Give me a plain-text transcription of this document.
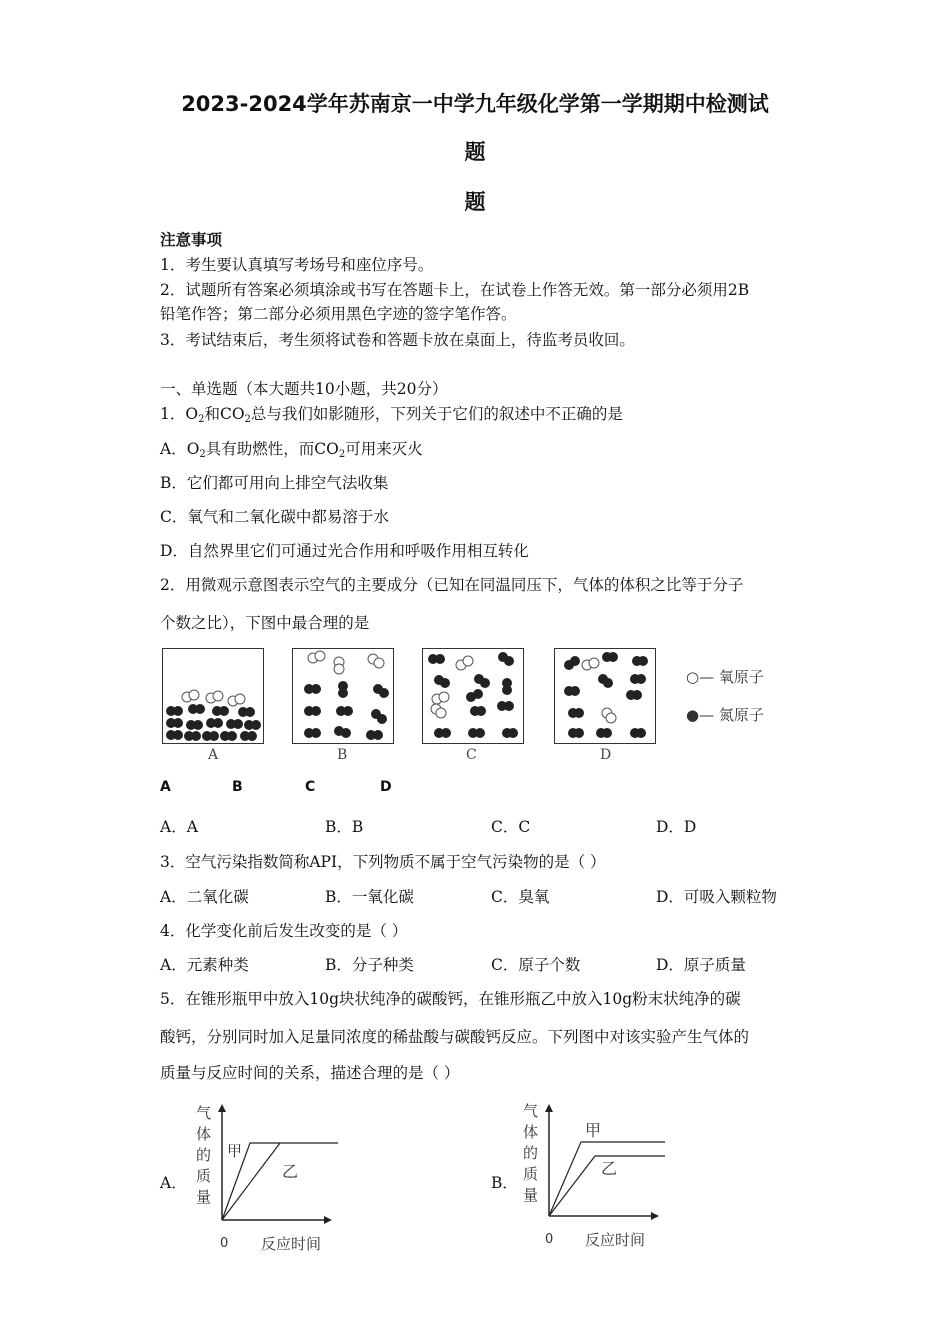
2023-2024学年苏南京一中学九年级化学第一学期期中检测试
题
题
注意事项
1．考生要认真填写考场号和座位序号。
2．试题所有答案必须填涂或书写在答题卡上，在试卷上作答无效。第一部分必须用2B
铅笔作答；第二部分必须用黑色字迹的签字笔作答。
3．考试结束后，考生须将试卷和答题卡放在桌面上，待监考员收回。
一、单选题（本大题共10小题，共20分）
1．$O_2$和$CO_2$总与我们如影随形，下列关于它们的叙述中不正确的是
A．$O_2$具有助燃性，而$CO_2$可用来灭火
B．它们都可用向上排空气法收集
C．氧气和二氧化碳中都易溶于水
D．自然界里它们可通过光合作用和呼吸作用相互转化
2．用微观示意图表示空气的主要成分（已知在同温同压下，气体的体积之比等于分子
个数之比），下图中最合理的是
A	B	C	D
○— 氧原子
●— 氮原子
A	B	C	D
A．A	B．B	C．C	D．D
3．空气污染指数简称API，下列物质不属于空气污染物的是（ ）
A．二氧化碳	B．一氧化碳	C．臭氧	D．可吸入颗粒物
4．化学变化前后发生改变的是（ ）
A．元素种类	B．分子种类	C．原子个数	D．原子质量
5．在锥形瓶甲中放入10g块状纯净的碳酸钙，在锥形瓶乙中放入10g粉末状纯净的碳
酸钙，分别同时加入足量同浓度的稀盐酸与碳酸钙反应。下列图中对该实验产生气体的
质量与反应时间的关系，描述合理的是（ ）
A．
气
体
的
质
量
甲
乙
0 反应时间
B．
气
体
的
质
量
甲
乙
0 反应时间
